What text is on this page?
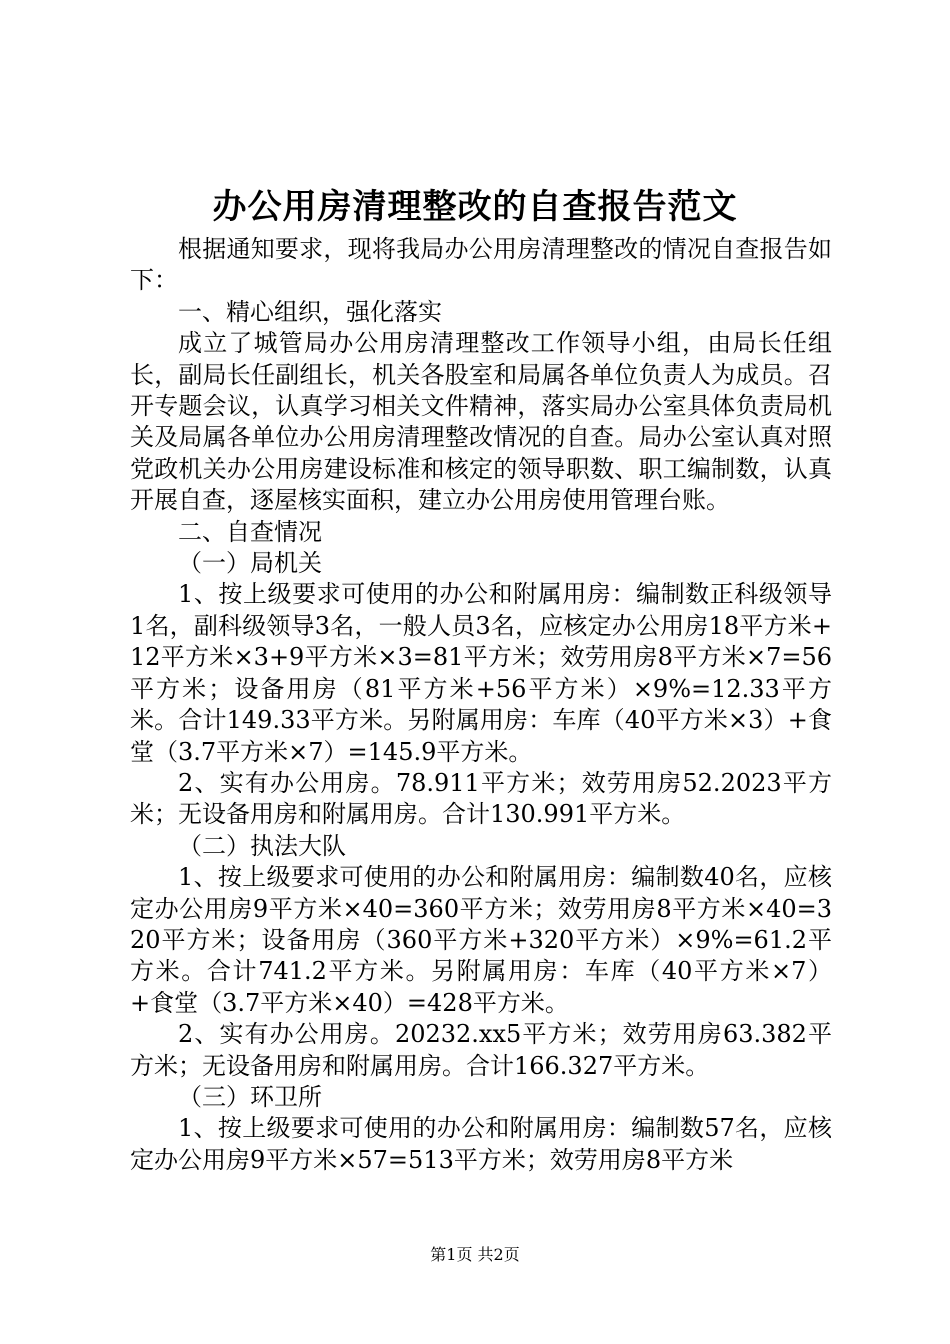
办公用房清理整改的自查报告范文

根据通知要求，现将我局办公用房清理整改的情况自查报告如下：

一、精心组织，强化落实

成立了城管局办公用房清理整改工作领导小组，由局长任组长，副局长任副组长，机关各股室和局属各单位负责人为成员。召开专题会议，认真学习相关文件精神，落实局办公室具体负责局机关及局属各单位办公用房清理整改情况的自查。局办公室认真对照党政机关办公用房建设标准和核定的领导职数、职工编制数，认真开展自查，逐屋核实面积，建立办公用房使用管理台账。

二、自查情况

（一）局机关

1、按上级要求可使用的办公和附属用房：编制数正科级领导1名，副科级领导3名，一般人员3名，应核定办公用房18平方米+12平方米×3+9平方米×3=81平方米；效劳用房8平方米×7=56平方米；设备用房（81平方米+56平方米）×9%=12.33平方米。合计149.33平方米。另附属用房：车库（40平方米×3）+食堂（3.7平方米×7）=145.9平方米。

2、实有办公用房。78.911平方米；效劳用房52.2023平方米；无设备用房和附属用房。合计130.991平方米。

（二）执法大队

1、按上级要求可使用的办公和附属用房：编制数40名，应核定办公用房9平方米×40=360平方米；效劳用房8平方米×40=320平方米；设备用房（360平方米+320平方米）×9%=61.2平方米。合计741.2平方米。另附属用房：车库（40平方米×7）+食堂（3.7平方米×40）=428平方米。

2、实有办公用房。20232.xx5平方米；效劳用房63.382平方米；无设备用房和附属用房。合计166.327平方米。

（三）环卫所

1、按上级要求可使用的办公和附属用房：编制数57名，应核定办公用房9平方米×57=513平方米；效劳用房8平方米

第1页 共2页
